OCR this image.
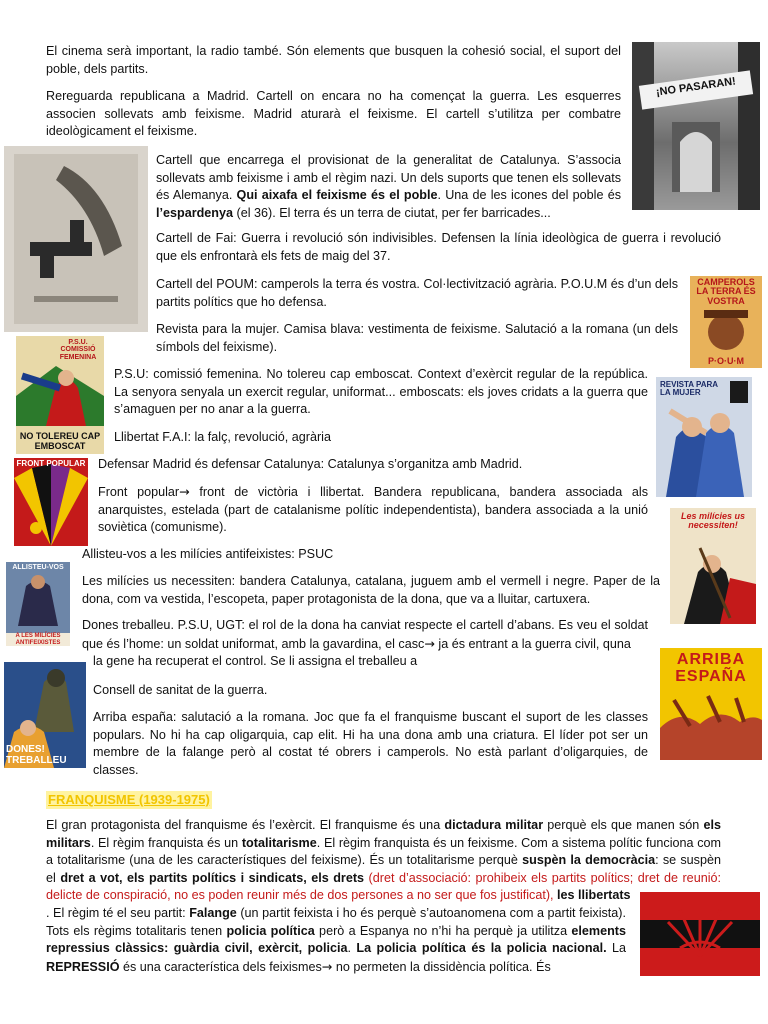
El cinema serà important, la radio també. Són elements que busquen la cohesió social, el suport del poble, dels partits.

Rereguarda republicana a Madrid. Cartell on encara no ha començat la guerra. Les esquerres associen sollevats amb feixisme. Madrid aturarà el feixisme. El cartell s’utilitza per combatre ideològicament el feixisme.

Cartell que encarrega el provisionat de la generalitat de Catalunya. S’associa sollevats amb feixisme i amb el règim nazi. Un dels suports que tenen els sollevats és Alemanya. Qui aixafa el feixisme és el poble. Una de les icones del poble és l’espardenya (el 36). El terra és un terra de ciutat, per fer barricades...

Cartell de Fai: Guerra i revolució són indivisibles. Defensen la línia ideològica de guerra i revolució que els enfrontarà els fets de maig del 37.

Cartell del POUM: camperols la terra és vostra. Col·lectivització agrària. P.O.U.M és d’un dels partits polítics que ho defensa.

Revista para la mujer. Camisa blava: vestimenta de feixisme. Salutació a la romana (un dels símbols del feixisme).

P.S.U: comissió femenina. No tolereu cap emboscat. Context d’exèrcit regular de la república. La senyora senyala un exercit regular, uniformat... emboscats: els joves cridats a la guerra que s’amaguen per no anar a la guerra.

Llibertat F.A.I: la falç, revolució, agrària

Defensar Madrid és defensar Catalunya: Catalunya s’organitza amb Madrid.

Front popular→ front de victòria i llibertat. Bandera republicana, bandera associada als anarquistes, estelada (part de catalanisme polític independentista), bandera associada a la unió soviètica (comunisme).

Allisteu-vos a les milícies antifeixistes: PSUC

Les milícies us necessiten: bandera Catalunya, catalana, juguem amb el vermell i negre. Paper de la dona, com va vestida, l’escopeta, paper protagonista de la dona, que va a lluitar, cartuxera.

Dones treballeu. P.S.U, UGT: el rol de la dona ha canviat respecte el cartell d’abans. Es veu el soldat que és l’home: un soldat uniformat, amb la gavardina, el casc→ ja és entrant a la guerra civil, quna

la gene ha recuperat el control. Se li assigna el treballeu a

Consell de sanitat de la guerra.

Arriba españa: salutació a la romana. Joc que fa el franquisme buscant el suport de les classes populars. No hi ha cap oligarquia, cap elit. Hi ha una dona amb una criatura. El líder pot ser un membre de la falange però al costat té obrers i camperols. No està parlant d’oligarquies, de classes.

FRANQUISME (1939-1975)

El gran protagonista del franquisme és l’exèrcit. El franquisme és una dictadura militar perquè els que manen són els militars. El règim franquista és un totalitarisme. El règim franquista és un feixisme. Com a sistema polític funciona com a totalitarisme (una de les característiques del feixisme). És un totalitarisme perquè suspèn la democràcia: se suspèn el dret a vot, els partits polítics i sindicats, els drets (dret d’associació: prohibeix els partits polítics; dret de reunió: delicte de conspiració, no es poden reunir més de dos persones a no ser que fos justificat), les llibertats

. El règim té el seu partit: Falange (un partit feixista i ho és perquè s’autoanomena com a partit feixista). Tots els règims totalitaris tenen policia política però a Espanya no n’hi ha perquè ja utilitza elements repressius clàssics: guàrdia civil, exèrcit, policia. La policia política és la policia nacional. La REPRESSIÓ és una característica dels feixismes→ no permeten la dissidència política. És

¡NO PASARAN!
CAMPEROLS LA TERRA ÉS VOSTRA
P·O·U·M
REVISTA PARA LA MUJER
P.S.U. COMISSIÓ FEMENINA
NO TOLEREU CAP EMBOSCAT
FRONT POPULAR
Les milícies us necessiten!
ALLISTEU-VOS
A LES MILÍCIES ANTIFEIXISTES
ARRIBA ESPAÑA
DONES! TREBALLEU
